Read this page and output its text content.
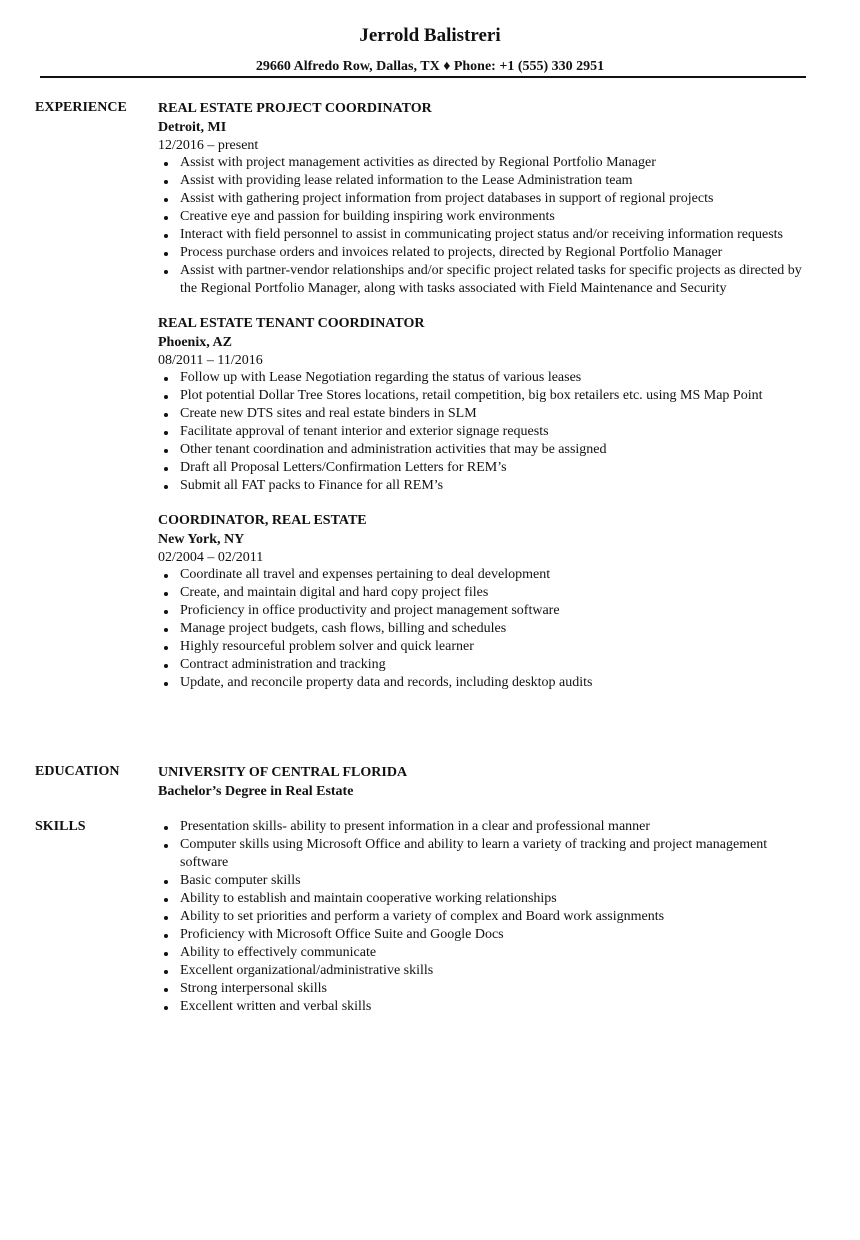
Jerrold Balistreri
29660 Alfredo Row, Dallas, TX ♦ Phone: +1 (555) 330 2951
EXPERIENCE REAL ESTATE PROJECT COORDINATOR
Detroit, MI
12/2016 – present
Assist with project management activities as directed by Regional Portfolio Manager
Assist with providing lease related information to the Lease Administration team
Assist with gathering project information from project databases in support of regional projects
Creative eye and passion for building inspiring work environments
Interact with field personnel to assist in communicating project status and/or receiving information requests
Process purchase orders and invoices related to projects, directed by Regional Portfolio Manager
Assist with partner-vendor relationships and/or specific project related tasks for specific projects as directed by the Regional Portfolio Manager, along with tasks associated with Field Maintenance and Security
REAL ESTATE TENANT COORDINATOR
Phoenix, AZ
08/2011 – 11/2016
Follow up with Lease Negotiation regarding the status of various leases
Plot potential Dollar Tree Stores locations, retail competition, big box retailers etc. using MS Map Point
Create new DTS sites and real estate binders in SLM
Facilitate approval of tenant interior and exterior signage requests
Other tenant coordination and administration activities that may be assigned
Draft all Proposal Letters/Confirmation Letters for REM’s
Submit all FAT packs to Finance for all REM’s
COORDINATOR, REAL ESTATE
New York, NY
02/2004 – 02/2011
Coordinate all travel and expenses pertaining to deal development
Create, and maintain digital and hard copy project files
Proficiency in office productivity and project management software
Manage project budgets, cash flows, billing and schedules
Highly resourceful problem solver and quick learner
Contract administration and tracking
Update, and reconcile property data and records, including desktop audits
EDUCATION	UNIVERSITY OF CENTRAL FLORIDA
Bachelor’s Degree in Real Estate
SKILLS	Presentation skills- ability to present information in a clear and professional manner
Computer skills using Microsoft Office and ability to learn a variety of tracking and project management software
Basic computer skills
Ability to establish and maintain cooperative working relationships
Ability to set priorities and perform a variety of complex and Board work assignments
Proficiency with Microsoft Office Suite and Google Docs
Ability to effectively communicate
Excellent organizational/administrative skills
Strong interpersonal skills
Excellent written and verbal skills
